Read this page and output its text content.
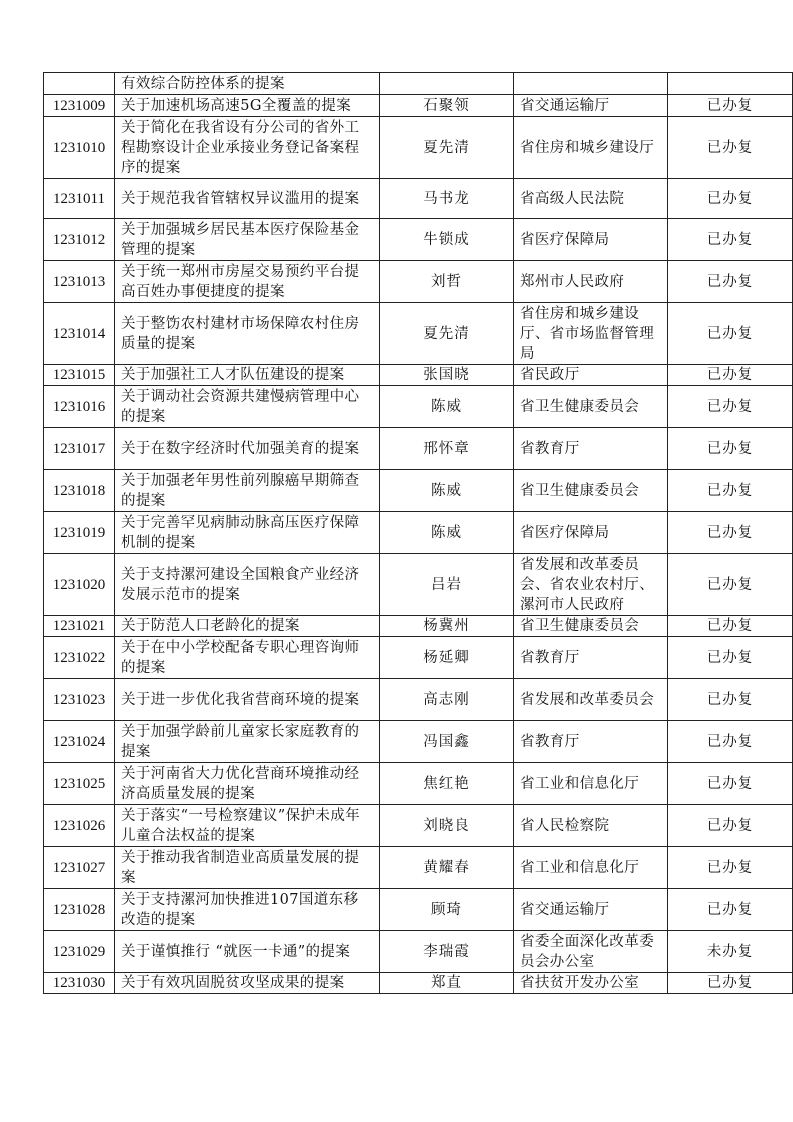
	有效综合防控体系的提案			
1231009	关于加速机场高速5G全覆盖的提案	石聚领	省交通运输厅	已办复
1231010	关于简化在我省设有分公司的省外工程勘察设计企业承接业务登记备案程序的提案	夏先清	省住房和城乡建设厅	已办复
1231011	关于规范我省管辖权异议滥用的提案	马书龙	省高级人民法院	已办复
1231012	关于加强城乡居民基本医疗保险基金管理的提案	牛锁成	省医疗保障局	已办复
1231013	关于统一郑州市房屋交易预约平台提高百姓办事便捷度的提案	刘哲	郑州市人民政府	已办复
1231014	关于整饬农村建材市场保障农村住房质量的提案	夏先清	省住房和城乡建设厅、省市场监督管理局	已办复
1231015	关于加强社工人才队伍建设的提案	张国晓	省民政厅	已办复
1231016	关于调动社会资源共建慢病管理中心的提案	陈威	省卫生健康委员会	已办复
1231017	关于在数字经济时代加强美育的提案	邢怀章	省教育厅	已办复
1231018	关于加强老年男性前列腺癌早期筛查的提案	陈威	省卫生健康委员会	已办复
1231019	关于完善罕见病肺动脉高压医疗保障机制的提案	陈威	省医疗保障局	已办复
1231020	关于支持漯河建设全国粮食产业经济发展示范市的提案	吕岩	省发展和改革委员会、省农业农村厅、漯河市人民政府	已办复
1231021	关于防范人口老龄化的提案	杨冀州	省卫生健康委员会	已办复
1231022	关于在中小学校配备专职心理咨询师的提案	杨延卿	省教育厅	已办复
1231023	关于进一步优化我省营商环境的提案	高志刚	省发展和改革委员会	已办复
1231024	关于加强学龄前儿童家长家庭教育的提案	冯国鑫	省教育厅	已办复
1231025	关于河南省大力优化营商环境推动经济高质量发展的提案	焦红艳	省工业和信息化厅	已办复
1231026	关于落实“一号检察建议”保护未成年儿童合法权益的提案	刘晓良	省人民检察院	已办复
1231027	关于推动我省制造业高质量发展的提案	黄耀春	省工业和信息化厅	已办复
1231028	关于支持漯河加快推进107国道东移改造的提案	顾琦	省交通运输厅	已办复
1231029	关于谨慎推行 “就医一卡通”的提案	李瑞霞	省委全面深化改革委员会办公室	未办复
1231030	关于有效巩固脱贫攻坚成果的提案	郑直	省扶贫开发办公室	已办复
